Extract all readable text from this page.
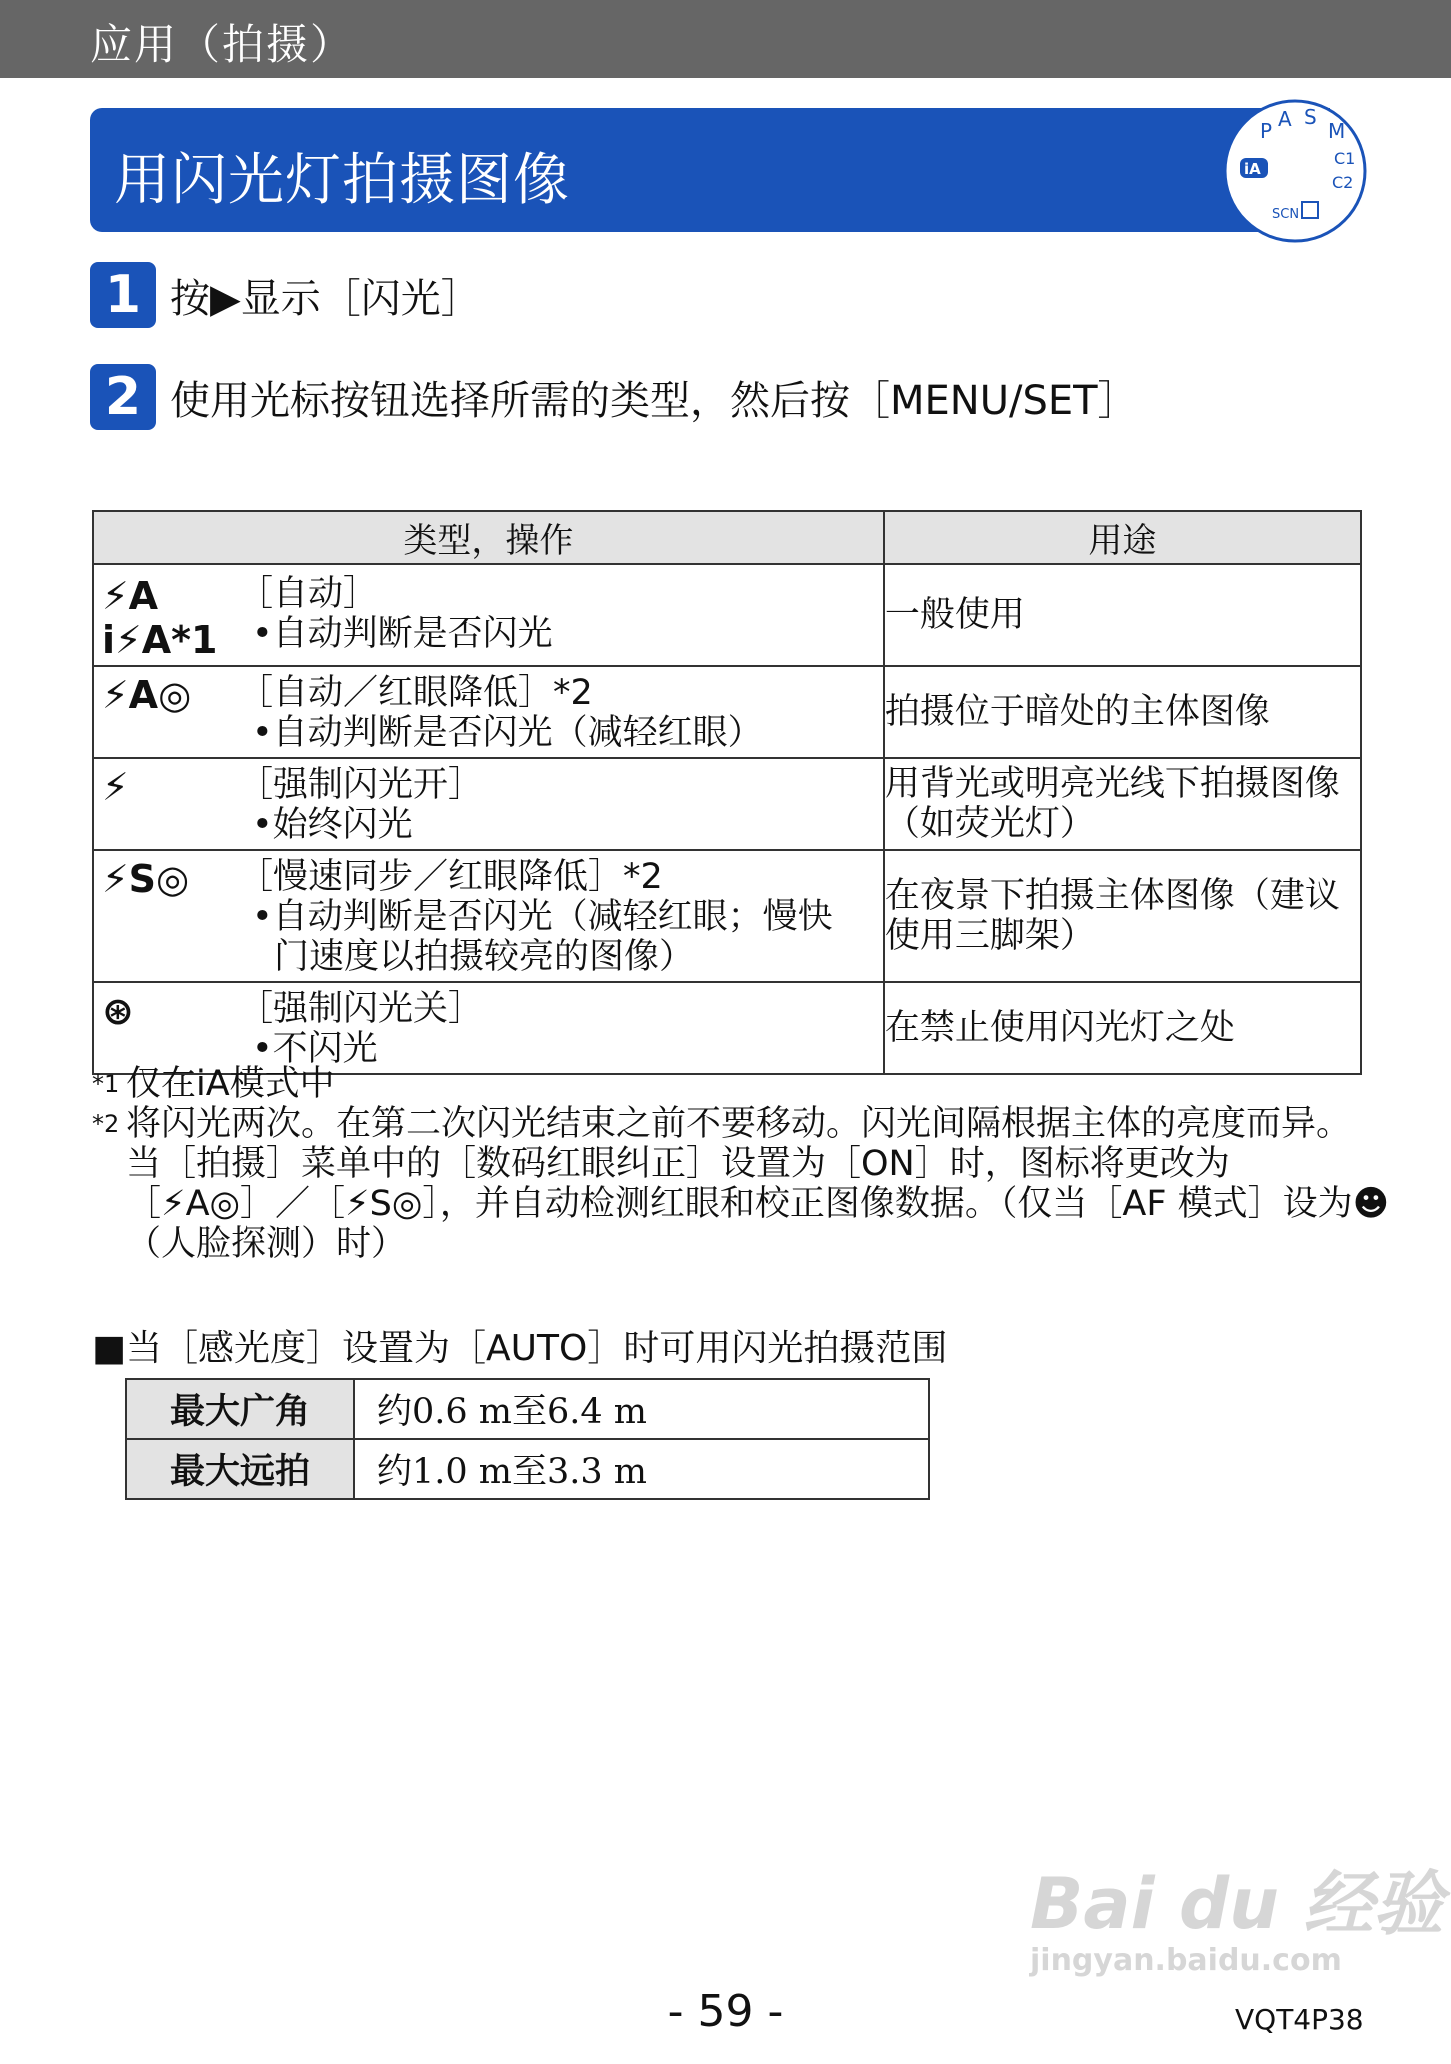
应用（拍摄）
用闪光灯拍摄图像
P A S
M
C1
C2
iA
SCN
1 按▶显示［闪光］
2 使用光标按钮选择所需的类型，然后按［MENU/SET］
类型，操作	用途

⚡A
i⚡A*1
［自动］
•自动判断是否闪光	一般使用

⚡A◎ ［自动／红眼降低］*2
•自动判断是否闪光（减轻红眼）	拍摄位于暗处的主体图像

⚡ ［强制闪光开］
•始终闪光	用背光或明亮光线下拍摄图像（如荧光灯）

⚡S◎ ［慢速同步／红眼降低］*2
•自动判断是否闪光（减轻红眼；慢快
门速度以拍摄较亮的图像）	在夜景下拍摄主体图像（建议使用三脚架）

⊛ ［强制闪光关］
•不闪光	在禁止使用闪光灯之处
*1 仅在iA模式中
*2 将闪光两次。在第二次闪光结束之前不要移动。闪光间隔根据主体的亮度而异。
当［拍摄］菜单中的［数码红眼纠正］设置为［ON］时，图标将更改为
［⚡A◎］／［⚡S◎］，并自动检测红眼和校正图像数据。（仅当［AF 模式］设为☻
（人脸探测）时）
■当［感光度］设置为［AUTO］时可用闪光拍摄范围
最大广角	约0.6 m至6.4 m
最大远拍	约1.0 m至3.3 m
Bai du 经验
jingyan.baidu.com
- 59 -	VQT4P38
